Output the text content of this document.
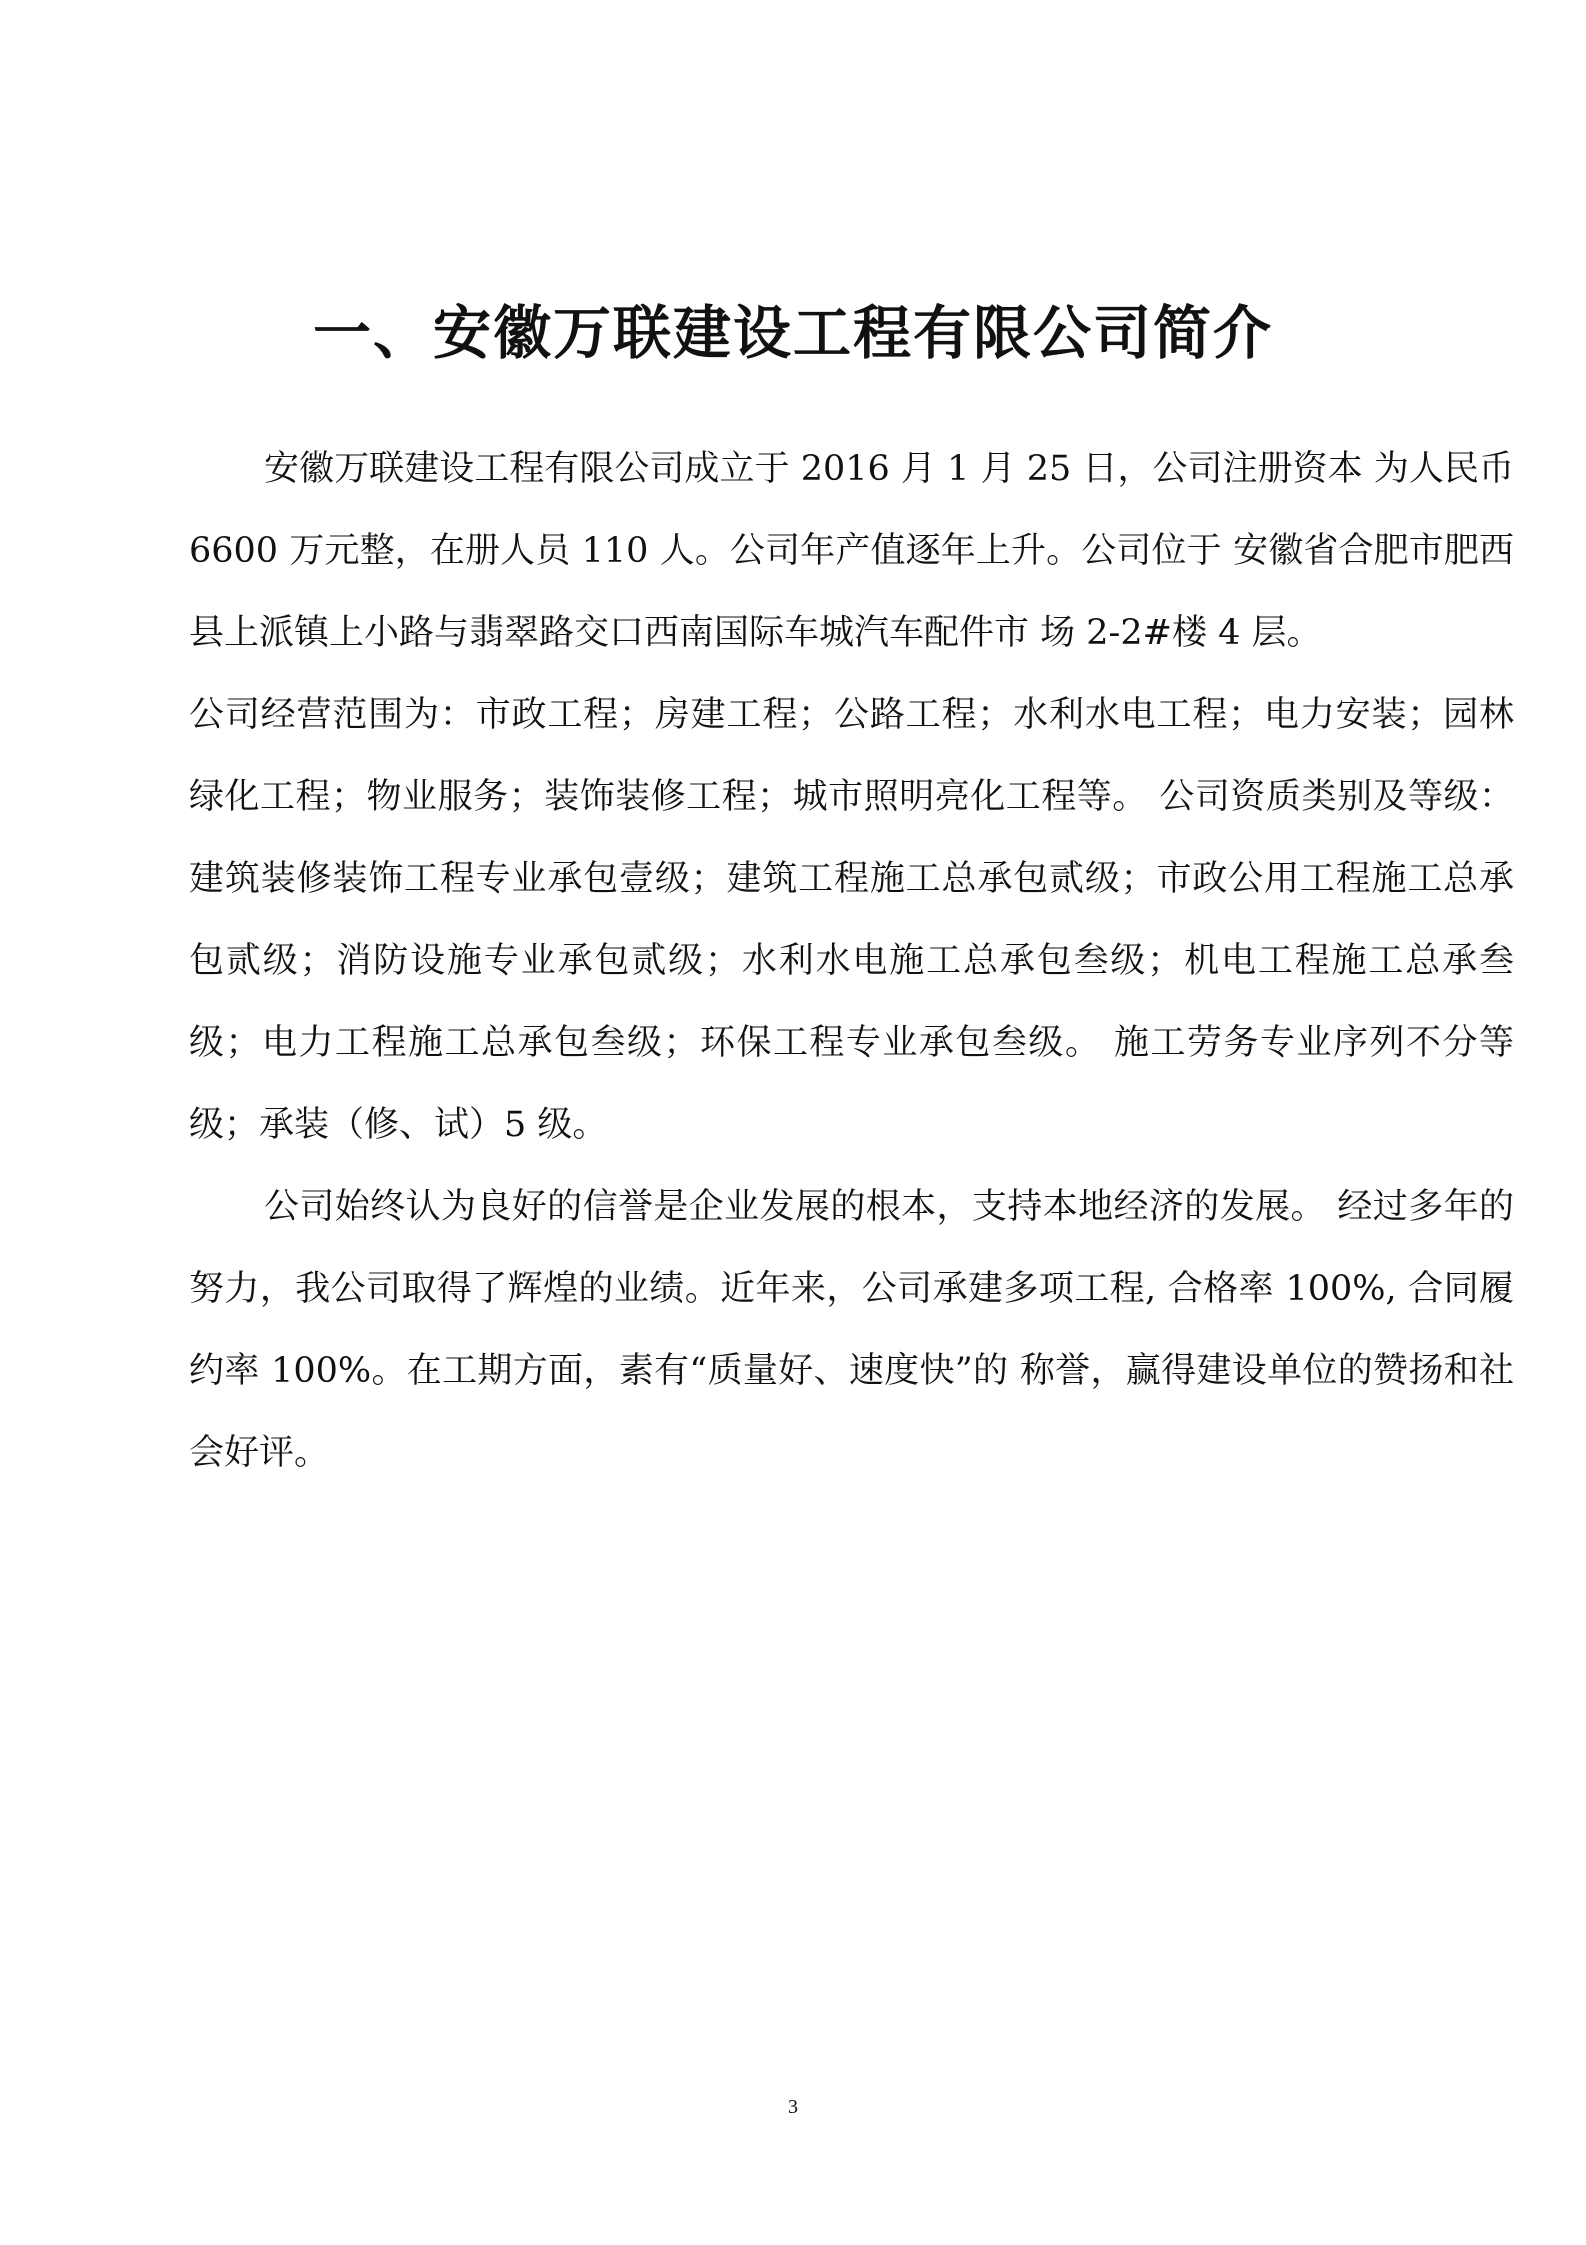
一、安徽万联建设工程有限公司简介

安徽万联建设工程有限公司成立于 2016 月 1 月 25 日，公司注册资本 为人民币 6600 万元整，在册人员 110 人。公司年产值逐年上升。公司位于 安徽省合肥市肥西县上派镇上小路与翡翠路交口西南国际车城汽车配件市 场 2-2#楼 4 层。

公司经营范围为：市政工程；房建工程；公路工程；水利水电工程；电力安装；园林绿化工程；物业服务；装饰装修工程；城市照明亮化工程等。 公司资质类别及等级：建筑装修装饰工程专业承包壹级；建筑工程施工总承包贰级；市政公用工程施工总承包贰级；消防设施专业承包贰级；水利水电施工总承包叁级；机电工程施工总承叁级；电力工程施工总承包叁级；环保工程专业承包叁级。 施工劳务专业序列不分等级；承装（修、试）5 级。

公司始终认为良好的信誉是企业发展的根本，支持本地经济的发展。 经过多年的努力，我公司取得了辉煌的业绩。近年来，公司承建多项工程, 合格率 100%, 合同履约率 100%。在工期方面，素有“质量好、速度快”的 称誉，赢得建设单位的赞扬和社会好评。

3
